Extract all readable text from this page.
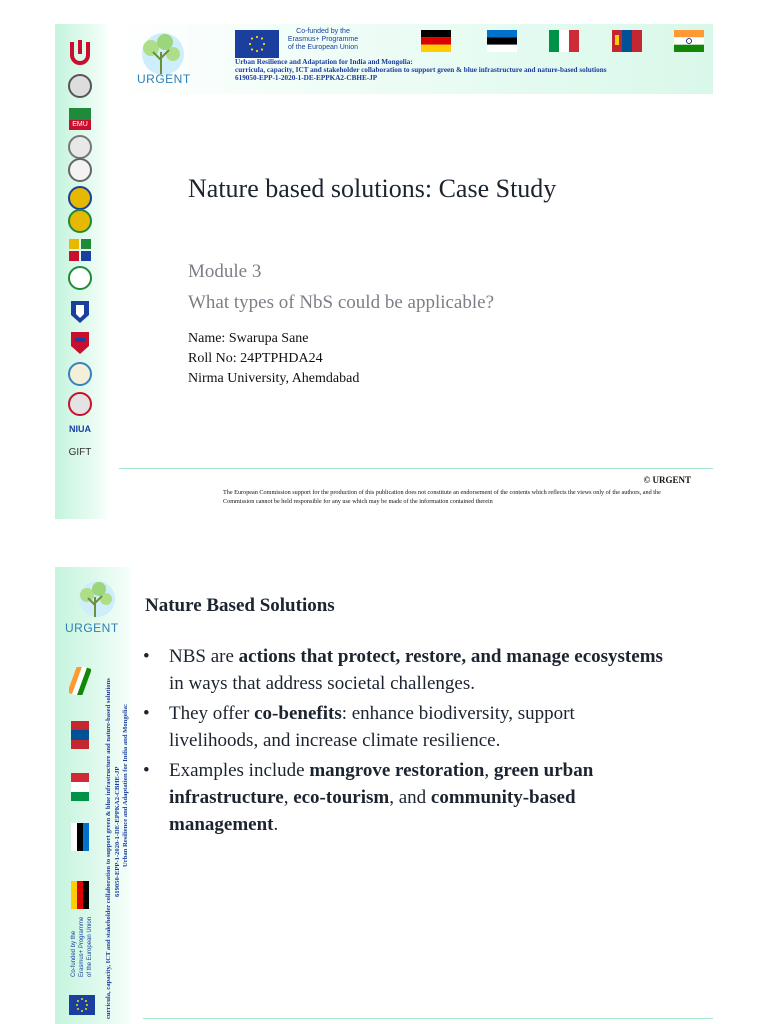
EMU
NIUA
GIFT
URGENT
Co-funded by the
Erasmus+ Programme
of the European Union
Urban Resilience and Adaptation for India and Mongolia:
curricula, capacity, ICT and stakeholder collaboration to support green & blue infrastructure and nature-based solutions
619050-EPP-1-2020-1-DE-EPPKA2-CBHE-JP
Nature based solutions: Case Study
Module 3
What types of NbS could be applicable?
Name: Swarupa Sane
Roll No: 24PTPHDA24
Nirma University, Ahemdabad
© URGENT
The European Commission support for the production of this publication does not constitute an endorsement of the contents which reflects the views only of the authors, and the Commission cannot be held responsible for any use which may be made of the information contained therein
URGENT
Co-funded by the Erasmus+ Programme of the European Union curricula, capacity, ICT and stakeholder collaboration to support green & blue infrastructure and nature-based solutions 619050-EPP-1-2020-1-DE-EPPKA2-CBHE-JP Urban Resilience and Adaptation for India and Mongolia:
Nature Based Solutions
• NBS are actions that protect, restore, and manage ecosystems in ways that address societal challenges.
• They offer co-benefits: enhance biodiversity, support livelihoods, and increase climate resilience.
• Examples include mangrove restoration, green urban infrastructure, eco-tourism, and community-based management.
